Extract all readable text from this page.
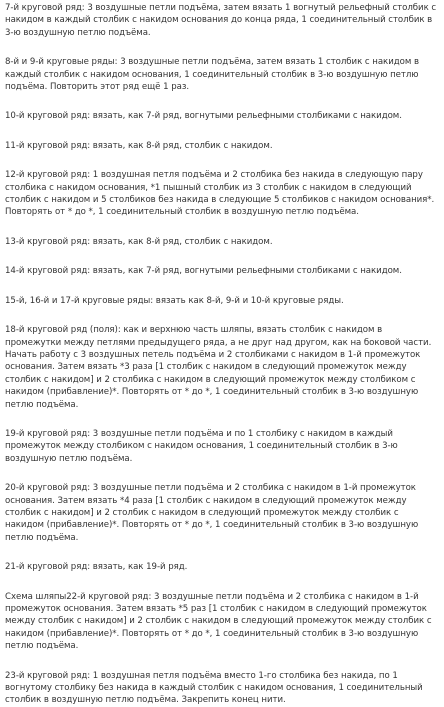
7-й круговой ряд: 3 воздушные петли подъёма, затем вязать 1 вогнутый рельефный столбик с накидом в каждый столбик с накидом основания до конца ряда, 1 соединительный столбик в 3-ю воздушную петлю подъёма.

8-й и 9-й круговые ряды: 3 воздушные петли подъёма, затем вязать 1 столбик с накидом в каждый столбик с накидом основания, 1 соединительный столбик в 3-ю воздушную петлю подъёма. Повторить этот ряд ещё 1 раз.

10-й круговой ряд: вязать, как 7-й ряд, вогнутыми рельефными столбиками с накидом.

11-й круговой ряд: вязать, как 8-й ряд, столбик с накидом.

12-й круговой ряд: 1 воздушная петля подъёма и 2 столбика без накида в следующую пару столбика с накидом основания, *1 пышный столбик из 3 столбик с накидом в следующий столбик с накидом и 5 столбиков без накида в следующие 5 столбиков с накидом основания*. Повторять от * до *, 1 соединительный столбик в воздушную петлю подъёма.

13-й круговой ряд: вязать, как 8-й ряд, столбик с накидом.

14-й круговой ряд: вязать, как 7-й ряд, вогнутыми рельефными столбиками с накидом.

15-й, 16-й и 17-й круговые ряды: вязать как 8-й, 9-й и 10-й круговые ряды.

18-й круговой ряд (поля): как и верхнюю часть шляпы, вязать столбик с накидом в промежутки между петлями предыдущего ряда, а не друг над другом, как на боковой части. Начать работу с 3 воздушных петель подъёма и 2 столбиками с накидом в 1-й промежуток основания. Затем вязать *3 раза [1 столбик с накидом в следующий промежуток между столбик с накидом] и 2 столбика с накидом в следующий промежуток между столбиком с накидом (прибавление)*. Повторять от * до *, 1 соединительный столбик в 3-ю воздушную петлю подъёма.

19-й круговой ряд: 3 воздушные петли подъёма и по 1 столбику с накидом в каждый промежуток между столбиком с накидом основания, 1 соединительный столбик в 3-ю воздушную петлю подъёма.

20-й круговой ряд: 3 воздушные петли подъёма и 2 столбика с накидом в 1-й промежуток основания. Затем вязать *4 раза [1 столбик с накидом в следующий промежуток между столбик с накидом] и 2 столбик с накидом в следующий промежуток между столбик с накидом (прибавление)*. Повторять от * до *, 1 соединительный столбик в 3-ю воздушную петлю подъёма.

21-й круговой ряд: вязать, как 19-й ряд.

Схема шляпы22-й круговой ряд: 3 воздушные петли подъёма и 2 столбика с накидом в 1-й промежуток основания. Затем вязать *5 раз [1 столбик с накидом в следующий промежуток между столбик с накидом] и 2 столбик с накидом в следующий промежуток между столбик с накидом (прибавление)*. Повторять от * до *, 1 соединительный столбик в 3-ю воздушную петлю подъёма.

23-й круговой ряд: 1 воздушная петля подъёма вместо 1-го столбика без накида, по 1 вогнутому столбику без накида в каждый столбик с накидом основания, 1 соединительный столбик в воздушную петлю подъёма. Закрепить конец нити.
